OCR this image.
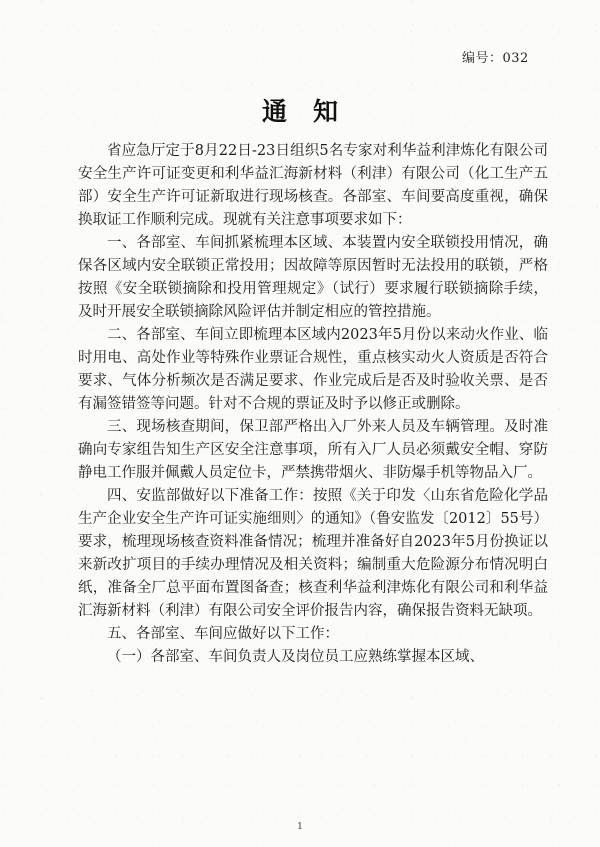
编号：032
通知

省应急厅定于8月22日-23日组织5名专家对利华益利津炼化有限公司安全生产许可证变更和利华益汇海新材料（利津）有限公司（化工生产五部）安全生产许可证新取进行现场核查。各部室、车间要高度重视，确保换取证工作顺利完成。现就有关注意事项要求如下：

一、各部室、车间抓紧梳理本区域、本装置内安全联锁投用情况，确保各区域内安全联锁正常投用；因故障等原因暂时无法投用的联锁，严格按照《安全联锁摘除和投用管理规定》（试行）要求履行联锁摘除手续，及时开展安全联锁摘除风险评估并制定相应的管控措施。

二、各部室、车间立即梳理本区域内2023年5月份以来动火作业、临时用电、高处作业等特殊作业票证合规性，重点核实动火人资质是否符合要求、气体分析频次是否满足要求、作业完成后是否及时验收关票、是否有漏签错签等问题。针对不合规的票证及时予以修正或删除。

三、现场核查期间，保卫部严格出入厂外来人员及车辆管理。及时准确向专家组告知生产区安全注意事项，所有入厂人员必须戴安全帽、穿防静电工作服并佩戴人员定位卡，严禁携带烟火、非防爆手机等物品入厂。

四、安监部做好以下准备工作：按照《关于印发〈山东省危险化学品生产企业安全生产许可证实施细则〉的通知》（鲁安监发〔2012〕55号）要求，梳理现场核查资料准备情况；梳理并准备好自2023年5月份换证以来新改扩项目的手续办理情况及相关资料；编制重大危险源分布情况明白纸，准备全厂总平面布置图备查；核查利华益利津炼化有限公司和利华益汇海新材料（利津）有限公司安全评价报告内容，确保报告资料无缺项。

五、各部室、车间应做好以下工作：

（一）各部室、车间负责人及岗位员工应熟练掌握本区域、

1
